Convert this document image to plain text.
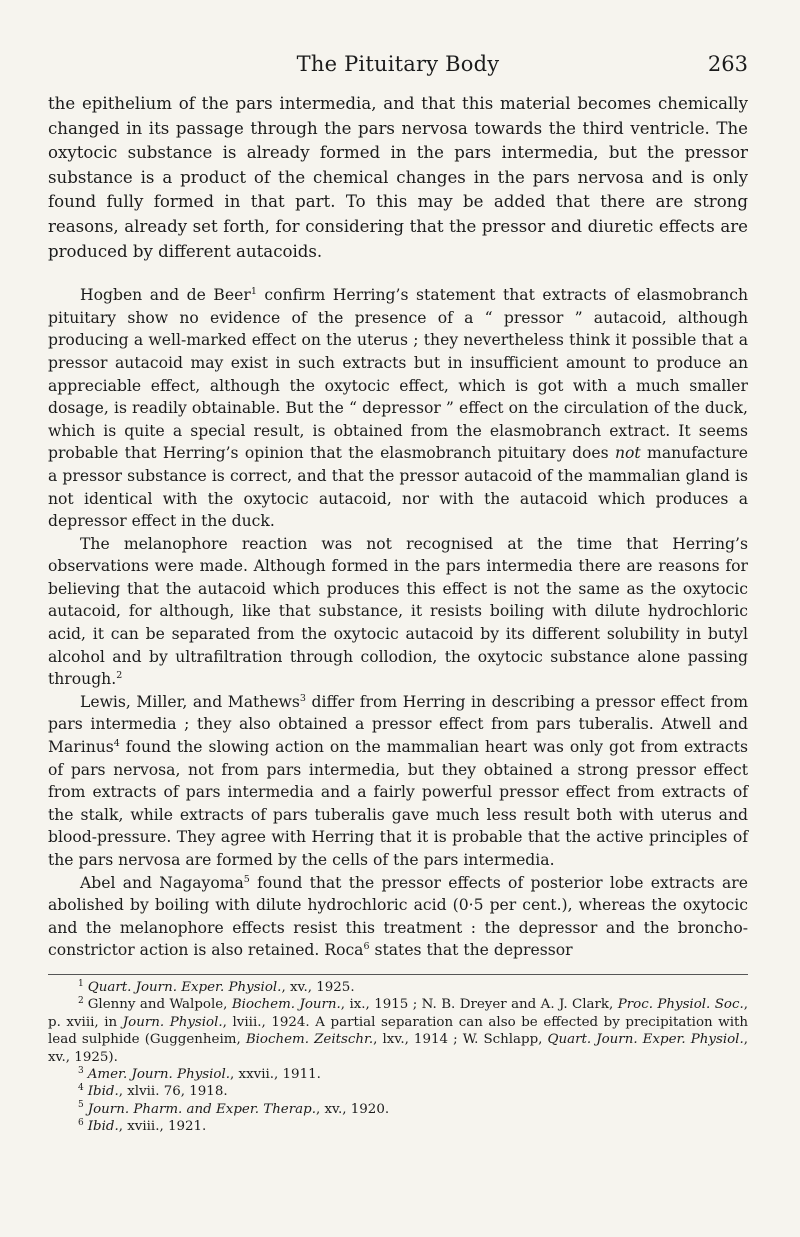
The Pituitary Body	263

the epithelium of the pars intermedia, and that this material becomes chemically changed in its passage through the pars nervosa towards the third ventricle. The oxytocic substance is already formed in the pars intermedia, but the pressor substance is a product of the chemical changes in the pars nervosa and is only found fully formed in that part. To this may be added that there are strong reasons, already set forth, for considering that the pressor and diuretic effects are produced by different autacoids.

Hogben and de Beer$^1$ confirm Herring’s statement that extracts of elasmobranch pituitary show no evidence of the presence of a “ pressor ” autacoid, although producing a well-marked effect on the uterus ; they nevertheless think it possible that a pressor autacoid may exist in such extracts but in insufficient amount to produce an appreciable effect, although the oxytocic effect, which is got with a much smaller dosage, is readily obtainable. But the “ depressor ” effect on the circulation of the duck, which is quite a special result, is obtained from the elasmobranch extract. It seems probable that Herring’s opinion that the elasmobranch pituitary does not manufacture a pressor substance is correct, and that the pressor autacoid of the mammalian gland is not identical with the oxytocic autacoid, nor with the autacoid which produces a depressor effect in the duck.

The melanophore reaction was not recognised at the time that Herring’s observations were made. Although formed in the pars intermedia there are reasons for believing that the autacoid which produces this effect is not the same as the oxytocic autacoid, for although, like that substance, it resists boiling with dilute hydrochloric acid, it can be separated from the oxytocic autacoid by its different solubility in butyl alcohol and by ultrafiltration through collodion, the oxytocic substance alone passing through.$^2$

Lewis, Miller, and Mathews$^3$ differ from Herring in describing a pressor effect from pars intermedia ; they also obtained a pressor effect from pars tuberalis. Atwell and Marinus$^4$ found the slowing action on the mammalian heart was only got from extracts of pars nervosa, not from pars intermedia, but they obtained a strong pressor effect from extracts of pars intermedia and a fairly powerful pressor effect from extracts of the stalk, while extracts of pars tuberalis gave much less result both with uterus and blood-pressure. They agree with Herring that it is probable that the active principles of the pars nervosa are formed by the cells of the pars intermedia.

Abel and Nagayoma$^5$ found that the pressor effects of posterior lobe extracts are abolished by boiling with dilute hydrochloric acid (0·5 per cent.), whereas the oxytocic and the melanophore effects resist this treatment : the depressor and the broncho-constrictor action is also retained. Roca$^6$ states that the depressor

$^1$ Quart. Journ. Exper. Physiol., xv., 1925.

$^2$ Glenny and Walpole, Biochem. Journ., ix., 1915 ; N. B. Dreyer and A. J. Clark, Proc. Physiol. Soc., p. xviii, in Journ. Physiol., lviii., 1924. A partial separation can also be effected by precipitation with lead sulphide (Guggenheim, Biochem. Zeitschr., lxv., 1914 ; W. Schlapp, Quart. Journ. Exper. Physiol., xv., 1925).

$^3$ Amer. Journ. Physiol., xxvii., 1911.

$^4$ Ibid., xlvii. 76, 1918.

$^5$ Journ. Pharm. and Exper. Therap., xv., 1920.

$^6$ Ibid., xviii., 1921.
